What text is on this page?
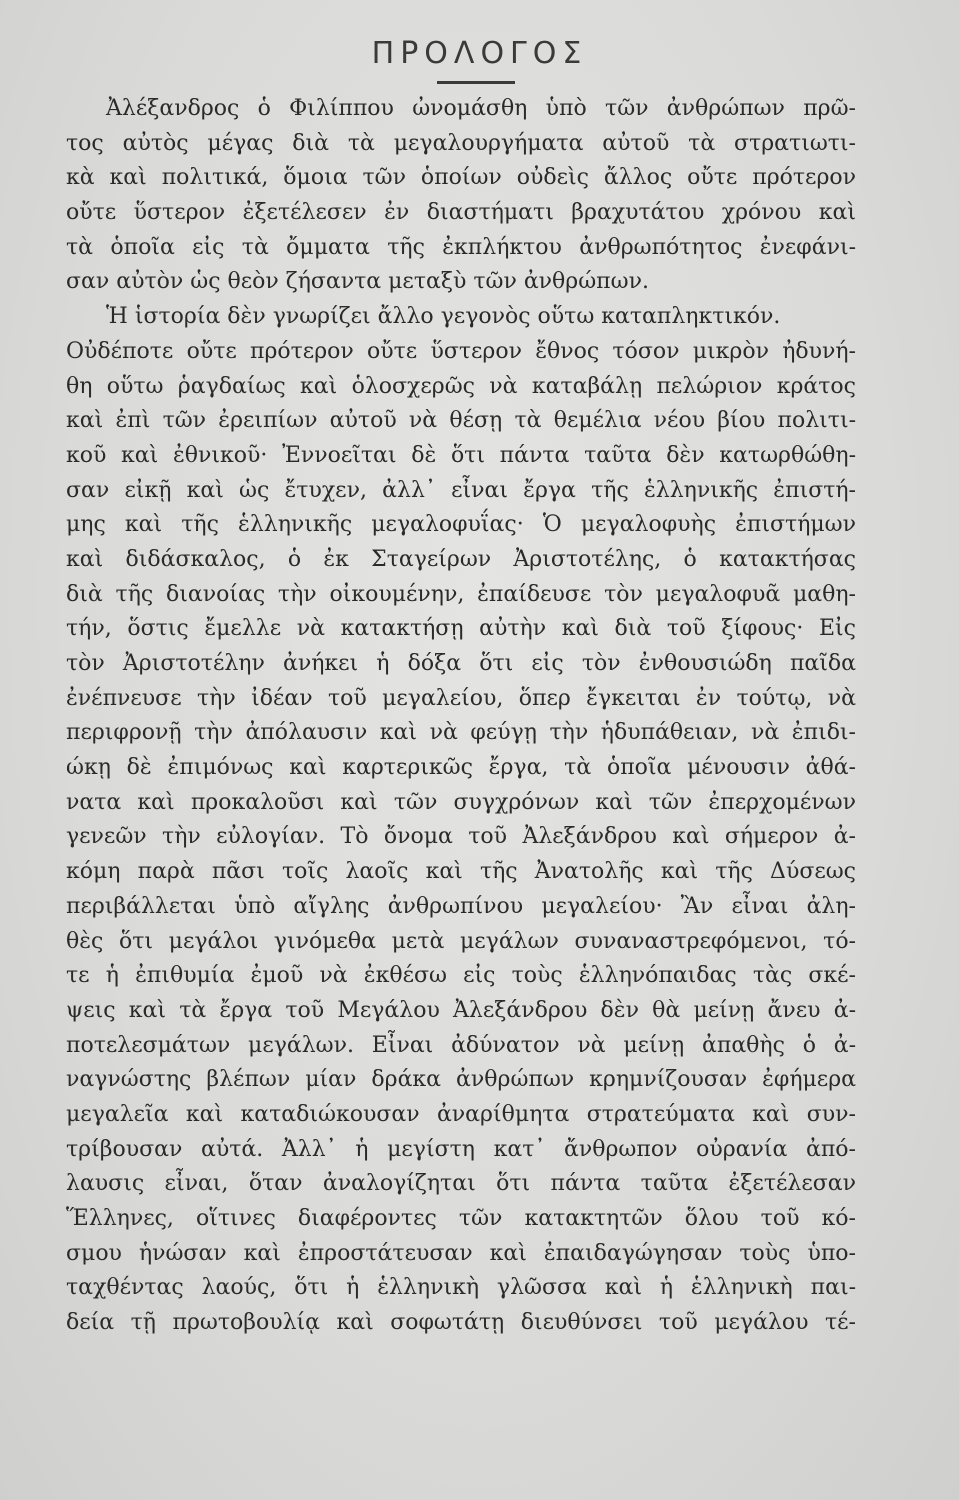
ΠΡΟΛΟΓΟΣ
Ἀλέξανδρος ὁ Φιλίππου ὠνομάσθη ὑπὸ τῶν ἀνθρώπων πρῶ-
τος αὐτὸς μέγας διὰ τὰ μεγαλουργήματα αὐτοῦ τὰ στρατιωτι-
κὰ καὶ πολιτικά, ὅμοια τῶν ὁποίων οὐδεὶς ἄλλος οὔτε πρότερον
οὔτε ὕστερον ἐξετέλεσεν ἐν διαστήματι βραχυτάτου χρόνου καὶ
τὰ ὁποῖα εἰς τὰ ὄμματα τῆς ἐκπλήκτου ἀνθρωπότητος ἐνεφάνι-
σαν αὐτὸν ὡς θεὸν ζήσαντα μεταξὺ τῶν ἀνθρώπων.
Ἡ ἱστορία δὲν γνωρίζει ἄλλο γεγονὸς οὕτω καταπληκτικόν.
Οὐδέποτε οὔτε πρότερον οὔτε ὕστερον ἔθνος τόσον μικρὸν ἠδυνή-
θη οὕτω ῥαγδαίως καὶ ὁλοσχερῶς νὰ καταβάλῃ πελώριον κράτος
καὶ ἐπὶ τῶν ἐρειπίων αὐτοῦ νὰ θέσῃ τὰ θεμέλια νέου βίου πολιτι-
κοῦ καὶ ἐθνικοῦ· Ἐννοεῖται δὲ ὅτι πάντα ταῦτα δὲν κατωρθώθη-
σαν εἰκῇ καὶ ὡς ἔτυχεν, ἀλλ᾽ εἶναι ἔργα τῆς ἑλληνικῆς ἐπιστή-
μης καὶ τῆς ἑλληνικῆς μεγαλοφυΐας· Ὁ μεγαλοφυὴς ἐπιστήμων
καὶ διδάσκαλος, ὁ ἐκ Σταγείρων Ἀριστοτέλης, ὁ κατακτήσας
διὰ τῆς διανοίας τὴν οἰκουμένην, ἐπαίδευσε τὸν μεγαλοφυᾶ μαθη-
τήν, ὅστις ἔμελλε νὰ κατακτήσῃ αὐτὴν καὶ διὰ τοῦ ξίφους· Εἰς
τὸν Ἀριστοτέλην ἀνήκει ἡ δόξα ὅτι εἰς τὸν ἐνθουσιώδη παῖδα
ἐνέπνευσε τὴν ἰδέαν τοῦ μεγαλείου, ὅπερ ἔγκειται ἐν τούτῳ, νὰ
περιφρονῇ τὴν ἀπόλαυσιν καὶ νὰ φεύγῃ τὴν ἡδυπάθειαν, νὰ ἐπιδι-
ώκῃ δὲ ἐπιμόνως καὶ καρτερικῶς ἔργα, τὰ ὁποῖα μένουσιν ἀθά-
νατα καὶ προκαλοῦσι καὶ τῶν συγχρόνων καὶ τῶν ἐπερχομένων
γενεῶν τὴν εὐλογίαν. Τὸ ὄνομα τοῦ Ἀλεξάνδρου καὶ σήμερον ἀ-
κόμη παρὰ πᾶσι τοῖς λαοῖς καὶ τῆς Ἀνατολῆς καὶ τῆς Δύσεως
περιβάλλεται ὑπὸ αἴγλης ἀνθρωπίνου μεγαλείου· Ἂν εἶναι ἀλη-
θὲς ὅτι μεγάλοι γινόμεθα μετὰ μεγάλων συναναστρεφόμενοι, τό-
τε ἡ ἐπιθυμία ἐμοῦ νὰ ἐκθέσω εἰς τοὺς ἑλληνόπαιδας τὰς σκέ-
ψεις καὶ τὰ ἔργα τοῦ Μεγάλου Ἀλεξάνδρου δὲν θὰ μείνῃ ἄνευ ἀ-
ποτελεσμάτων μεγάλων. Εἶναι ἀδύνατον νὰ μείνῃ ἀπαθὴς ὁ ἀ-
ναγνώστης βλέπων μίαν δράκα ἀνθρώπων κρημνίζουσαν ἐφήμερα
μεγαλεῖα καὶ καταδιώκουσαν ἀναρίθμητα στρατεύματα καὶ συν-
τρίβουσαν αὐτά. Ἀλλ᾽ ἡ μεγίστη κατ᾽ ἄνθρωπον οὐρανία ἀπό-
λαυσις εἶναι, ὅταν ἀναλογίζηται ὅτι πάντα ταῦτα ἐξετέλεσαν
Ἕλληνες, οἵτινες διαφέροντες τῶν κατακτητῶν ὅλου τοῦ κό-
σμου ἡνώσαν καὶ ἐπροστάτευσαν καὶ ἐπαιδαγώγησαν τοὺς ὑπο-
ταχθέντας λαούς, ὅτι ἡ ἑλληνικὴ γλῶσσα καὶ ἡ ἑλληνικὴ παι-
δεία τῇ πρωτοβουλίᾳ καὶ σοφωτάτῃ διευθύνσει τοῦ μεγάλου τέ-
